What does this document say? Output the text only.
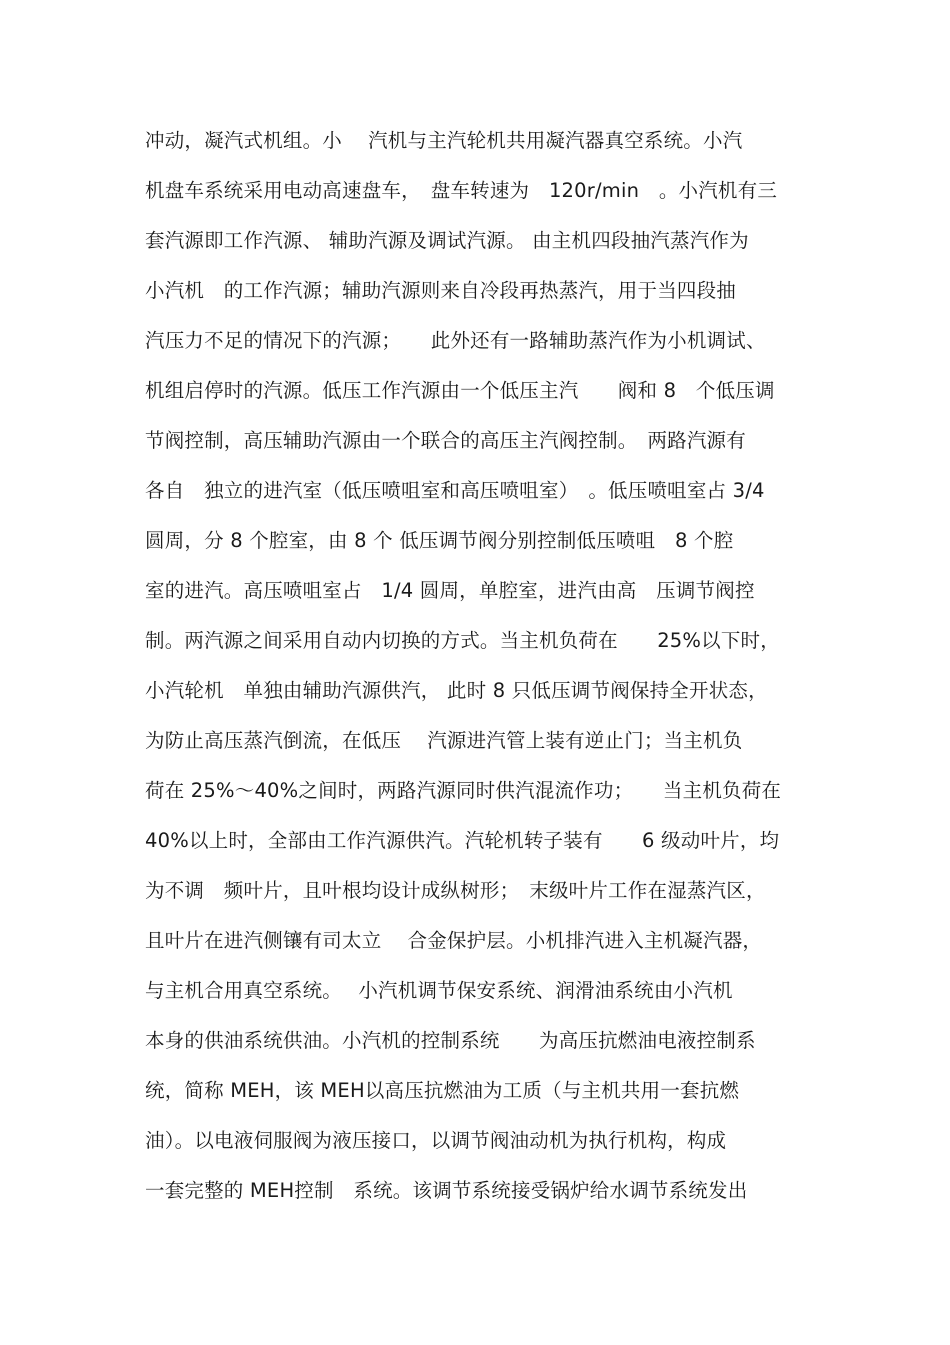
冲动，凝汽式机组。小　 汽机与主汽轮机共用凝汽器真空系统。小汽
机盘车系统采用电动高速盘车，　盘车转速为　120r/min　。小汽机有三
套汽源即工作汽源、 辅助汽源及调试汽源。 由主机四段抽汽蒸汽作为
小汽机　的工作汽源；辅助汽源则来自冷段再热蒸汽，用于当四段抽
汽压力不足的情况下的汽源；　　此外还有一路辅助蒸汽作为小机调试、
机组启停时的汽源。低压工作汽源由一个低压主汽　　阀和 8　个低压调
节阀控制，高压辅助汽源由一个联合的高压主汽阀控制。　两路汽源有
各自　独立的进汽室（低压喷咀室和高压喷咀室）　。低压喷咀室占 3/4
圆周，分 8 个腔室，由 8 个 低压调节阀分别控制低压喷咀　8 个腔
室的进汽。高压喷咀室占　1/4 圆周，单腔室，进汽由高　压调节阀控
制。两汽源之间采用自动内切换的方式。当主机负荷在　　25%以下时，
小汽轮机　单独由辅助汽源供汽， 此时 8 只低压调节阀保持全开状态，
为防止高压蒸汽倒流，在低压　 汽源进汽管上装有逆止门；当主机负
荷在 25%～40%之间时，两路汽源同时供汽混流作功；　　当主机负荷在
40%以上时，全部由工作汽源供汽。汽轮机转子装有　　6 级动叶片，均
为不调　频叶片，且叶根均设计成纵树形；　末级叶片工作在湿蒸汽区，
且叶片在进汽侧镶有司太立　 合金保护层。小机排汽进入主机凝汽器，
与主机合用真空系统。　 小汽机调节保安系统、润滑油系统由小汽机
本身的供油系统供油。小汽机的控制系统　　为高压抗燃油电液控制系
统，简称 MEH，该 MEH以高压抗燃油为工质（与主机共用一套抗燃
油）。以电液伺服阀为液压接口，以调节阀油动机为执行机构，构成
一套完整的 MEH控制　系统。该调节系统接受锅炉给水调节系统发出
